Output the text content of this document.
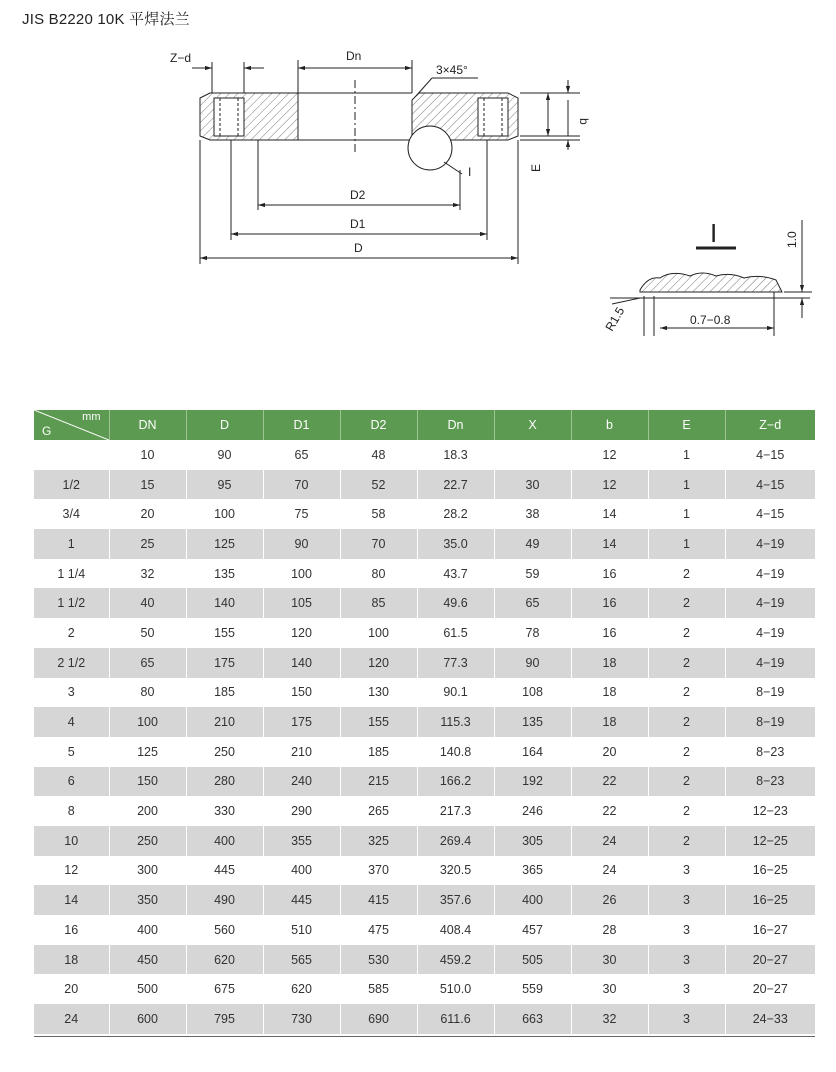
JIS B2220 10K 平焊法兰
Z−d	Dn
3×45°
b
E
I
D2
D1
D	I	1.0
R1.5	0.7−0.8
mm
G	DN	D	D1	D2	Dn	X	b	E	Z−d
	10	90	65	48	18.3		12	1	4−15
1/2	15	95	70	52	22.7	30	12	1	4−15
3/4	20	100	75	58	28.2	38	14	1	4−15
1	25	125	90	70	35.0	49	14	1	4−19
1 1/4	32	135	100	80	43.7	59	16	2	4−19
1 1/2	40	140	105	85	49.6	65	16	2	4−19
2	50	155	120	100	61.5	78	16	2	4−19
2 1/2	65	175	140	120	77.3	90	18	2	4−19
3	80	185	150	130	90.1	108	18	2	8−19
4	100	210	175	155	115.3	135	18	2	8−19
5	125	250	210	185	140.8	164	20	2	8−23
6	150	280	240	215	166.2	192	22	2	8−23
8	200	330	290	265	217.3	246	22	2	12−23
10	250	400	355	325	269.4	305	24	2	12−25
12	300	445	400	370	320.5	365	24	3	16−25
14	350	490	445	415	357.6	400	26	3	16−25
16	400	560	510	475	408.4	457	28	3	16−27
18	450	620	565	530	459.2	505	30	3	20−27
20	500	675	620	585	510.0	559	30	3	20−27
24	600	795	730	690	611.6	663	32	3	24−33
